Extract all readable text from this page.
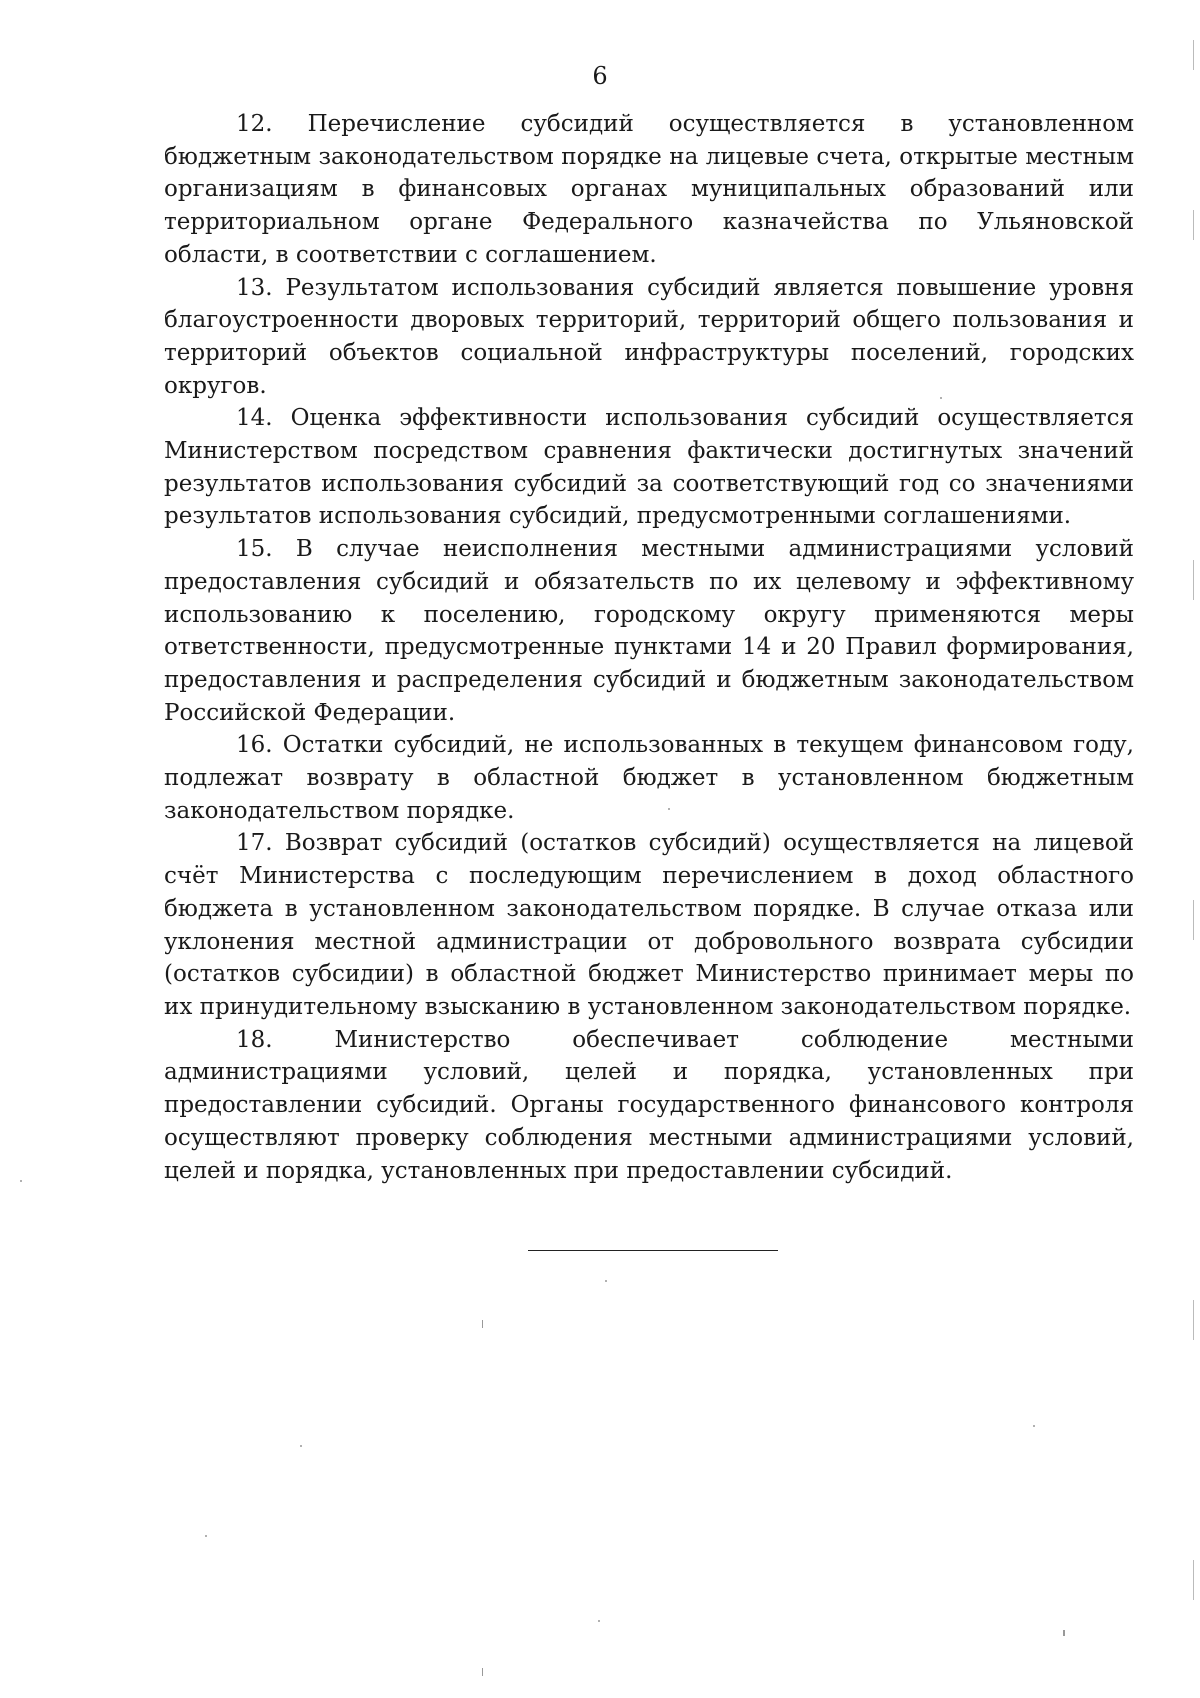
6

12. Перечисление субсидий осуществляется в установленном бюджетным законодательством порядке на лицевые счета, открытые местным организациям в финансовых органах муниципальных образований или территориальном органе Федерального казначейства по Ульяновской области, в соответствии с соглашением.

13. Результатом использования субсидий является повышение уровня благоустроенности дворовых территорий, территорий общего пользования и территорий объектов социальной инфраструктуры поселений, городских округов.

14. Оценка эффективности использования субсидий осуществляется Министерством посредством сравнения фактически достигнутых значений результатов использования субсидий за соответствующий год со значениями результатов использования субсидий, предусмотренными соглашениями.

15. В случае неисполнения местными администрациями условий предоставления субсидий и обязательств по их целевому и эффективному использованию к поселению, городскому округу применяются меры ответственности, предусмотренные пунктами 14 и 20 Правил формирования, предоставления и распределения субсидий и бюджетным законодательством Российской Федерации.

16. Остатки субсидий, не использованных в текущем финансовом году, подлежат возврату в областной бюджет в установленном бюджетным законодательством порядке.

17. Возврат субсидий (остатков субсидий) осуществляется на лицевой счёт Министерства с последующим перечислением в доход областного бюджета в установленном законодательством порядке. В случае отказа или уклонения местной администрации от добровольного возврата субсидии (остатков субсидии) в областной бюджет Министерство принимает меры по их принудительному взысканию в установленном законодательством порядке.

18. Министерство обеспечивает соблюдение местными администрациями условий, целей и порядка, установленных при предоставлении субсидий. Органы государственного финансового контроля осуществляют проверку соблюдения местными администрациями условий, целей и порядка, установленных при предоставлении субсидий.
